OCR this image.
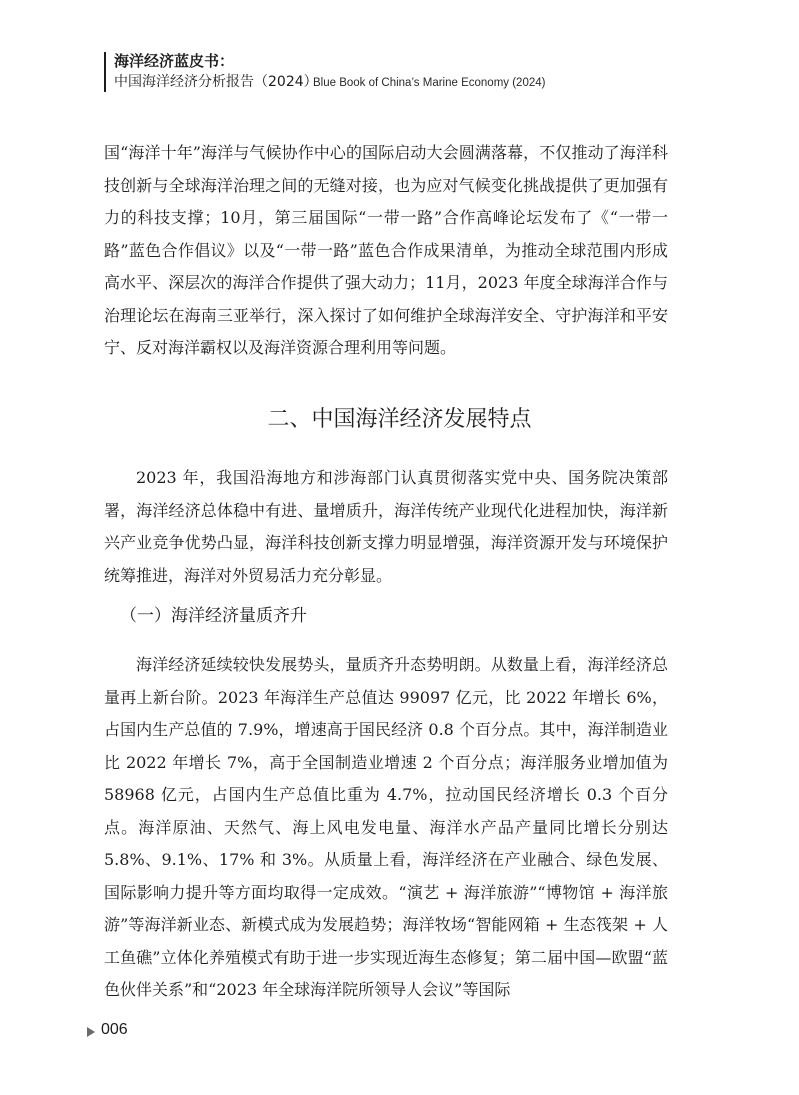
海洋经济蓝皮书：
中国海洋经济分析报告（2024）
Blue Book of China’s Marine Economy (2024)
国“海洋十年”海洋与气候协作中心的国际启动大会圆满落幕，不仅推动了海洋科技创新与全球海洋治理之间的无缝对接，也为应对气候变化挑战提供了更加强有力的科技支撑；10月，第三届国际“一带一路”合作高峰论坛发布了《“一带一路”蓝色合作倡议》以及“一带一路”蓝色合作成果清单，为推动全球范围内形成高水平、深层次的海洋合作提供了强大动力；11月，2023 年度全球海洋合作与治理论坛在海南三亚举行，深入探讨了如何维护全球海洋安全、守护海洋和平安宁、反对海洋霸权以及海洋资源合理利用等问题。
二、中国海洋经济发展特点
2023 年，我国沿海地方和涉海部门认真贯彻落实党中央、国务院决策部署，海洋经济总体稳中有进、量增质升，海洋传统产业现代化进程加快，海洋新兴产业竞争优势凸显，海洋科技创新支撑力明显增强，海洋资源开发与环境保护统筹推进，海洋对外贸易活力充分彰显。
（一）海洋经济量质齐升
海洋经济延续较快发展势头，量质齐升态势明朗。从数量上看，海洋经济总量再上新台阶。2023 年海洋生产总值达 99097 亿元，比 2022 年增长 6%，占国内生产总值的 7.9%，增速高于国民经济 0.8 个百分点。其中，海洋制造业比 2022 年增长 7%，高于全国制造业增速 2 个百分点；海洋服务业增加值为 58968 亿元，占国内生产总值比重为 4.7%，拉动国民经济增长 0.3 个百分点。海洋原油、天然气、海上风电发电量、海洋水产品产量同比增长分别达 5.8%、9.1%、17% 和 3%。从质量上看，海洋经济在产业融合、绿色发展、国际影响力提升等方面均取得一定成效。“演艺 + 海洋旅游”“博物馆 + 海洋旅游”等海洋新业态、新模式成为发展趋势；海洋牧场“智能网箱 + 生态筏架 + 人工鱼礁”立体化养殖模式有助于进一步实现近海生态修复；第二届中国—欧盟“蓝色伙伴关系”和“2023 年全球海洋院所领导人会议”等国际
006
